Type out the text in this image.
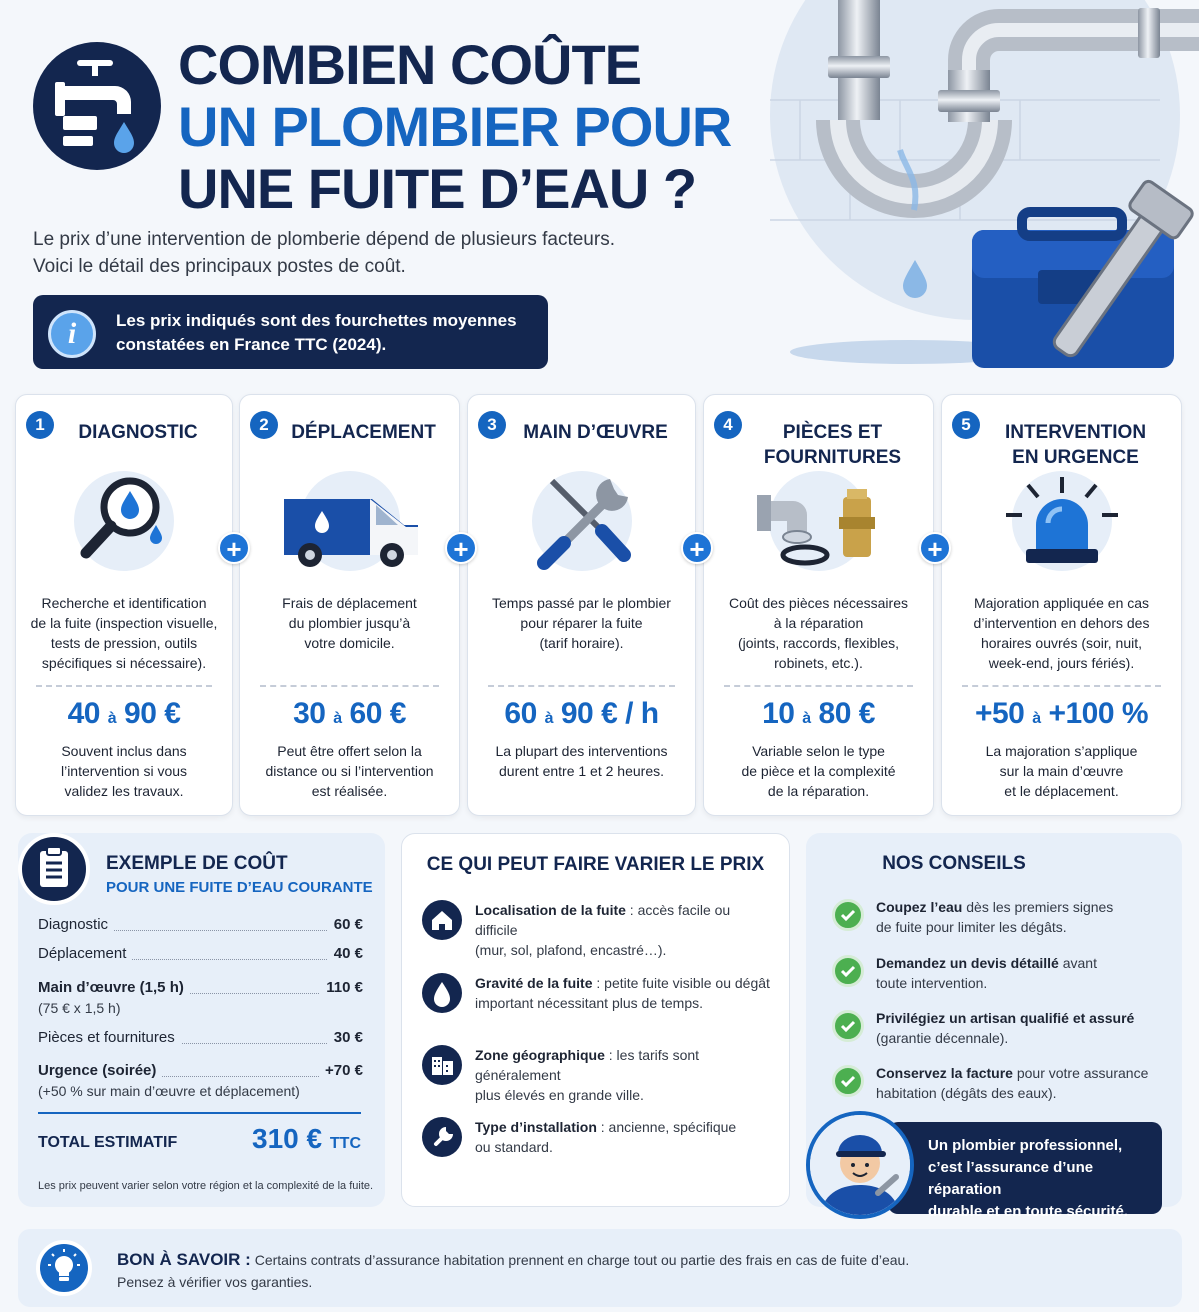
COMBIEN COÛTE
UN PLOMBIER POUR
UNE FUITE D’EAU ?
Le prix d’une intervention de plomberie dépend de plusieurs facteurs.
Voici le détail des principaux postes de coût.
i	Les prix indiqués sont des fourchettes moyennes
constatées en France TTC (2024).
1	DIAGNOSTIC
Recherche et identification
de la fuite (inspection visuelle,
tests de pression, outils
spécifiques si nécessaire).
40 à 90 €
Souvent inclus dans
l’intervention si vous
validez les travaux.
2	DÉPLACEMENT
Frais de déplacement
du plombier jusqu’à
votre domicile.
30 à 60 €
Peut être offert selon la
distance ou si l’intervention
est réalisée.
3	MAIN D’ŒUVRE
Temps passé par le plombier
pour réparer la fuite
(tarif horaire).
60 à 90 € / h
La plupart des interventions
durent entre 1 et 2 heures.
4	PIÈCES ET
FOURNITURES
Coût des pièces nécessaires
à la réparation
(joints, raccords, flexibles,
robinets, etc.).
10 à 80 €
Variable selon le type
de pièce et la complexité
de la réparation.
5	INTERVENTION
EN URGENCE
Majoration appliquée en cas
d’intervention en dehors des
horaires ouvrés (soir, nuit,
week-end, jours fériés).
+50 à +100 %
La majoration s’applique
sur la main d’œuvre
et le déplacement.
+	+	+	+
EXEMPLE DE COÛT
POUR UNE FUITE D’EAU COURANTE
Diagnostic	60 €
Déplacement	40 €
Main d’œuvre (1,5 h)	110 €
(75 € x 1,5 h)
Pièces et fournitures	30 €
Urgence (soirée)	+70 €
(+50 % sur main d’œuvre et déplacement)
TOTAL ESTIMATIF	310 € TTC
Les prix peuvent varier selon votre région et la complexité de la fuite.
CE QUI PEUT FAIRE VARIER LE PRIX
Localisation de la fuite : accès facile ou difficile
(mur, sol, plafond, encastré…).
Gravité de la fuite : petite fuite visible ou dégât
important nécessitant plus de temps.
Zone géographique : les tarifs sont généralement
plus élevés en grande ville.
Type d’installation : ancienne, spécifique
ou standard.
NOS CONSEILS
Coupez l’eau dès les premiers signes
de fuite pour limiter les dégâts.
Demandez un devis détaillé avant
toute intervention.
Privilégiez un artisan qualifié et assuré
(garantie décennale).
Conservez la facture pour votre assurance
habitation (dégâts des eaux).
Un plombier professionnel,
c’est l’assurance d’une réparation
durable et en toute sécurité.
BON À SAVOIR : Certains contrats d’assurance habitation prennent en charge tout ou partie des frais en cas de fuite d’eau.
Pensez à vérifier vos garanties.
